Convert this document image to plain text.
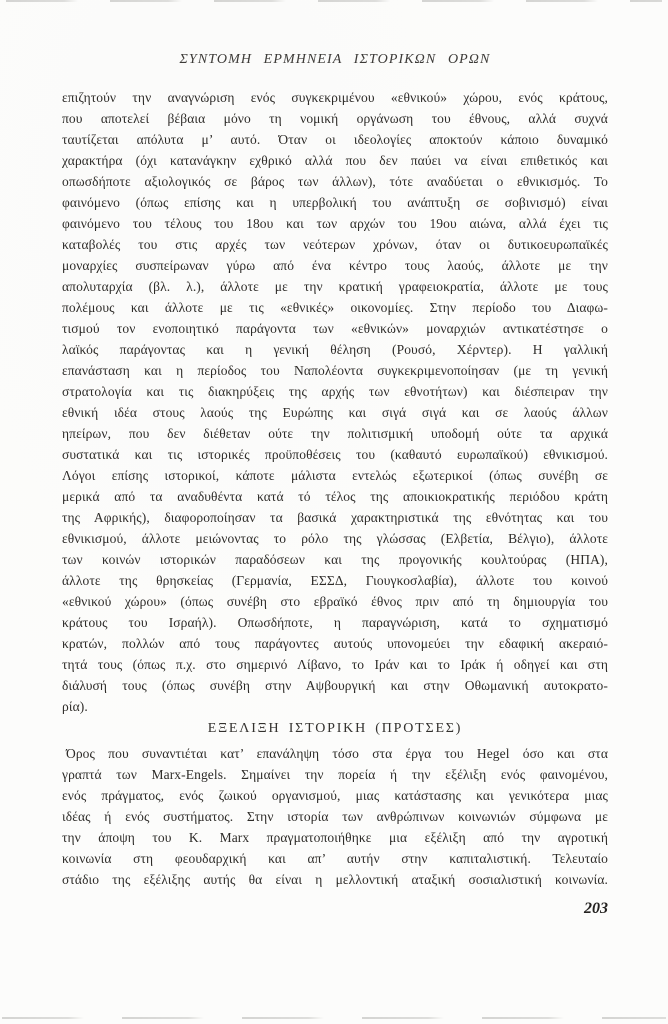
ΣΥΝΤΟΜΗ ΕΡΜΗΝΕΙΑ ΙΣΤΟΡΙΚΩΝ ΟΡΩΝ
επιζητούν την αναγνώριση ενός συγκεκριμένου «εθνικού» χώρου, ενός κράτους,
που αποτελεί βέβαια μόνο τη νομική οργάνωση του έθνους, αλλά συχνά
ταυτίζεται απόλυτα μ’ αυτό. Όταν οι ιδεολογίες αποκτούν κάποιο δυναμικό
χαρακτήρα (όχι κατανάγκην εχθρικό αλλά που δεν παύει να είναι επιθετικός και
οπωσδήποτε αξιολογικός σε βάρος των άλλων), τότε αναδύεται ο εθνικισμός. Το
φαινόμενο (όπως επίσης και η υπερβολική του ανάπτυξη σε σοβινισμό) είναι
φαινόμενο του τέλους του 18ου και των αρχών του 19ου αιώνα, αλλά έχει τις
καταβολές του στις αρχές των νεότερων χρόνων, όταν οι δυτικοευρωπαϊκές
μοναρχίες συσπείρωναν γύρω από ένα κέντρο τους λαούς, άλλοτε με την
απολυταρχία (βλ. λ.), άλλοτε με την κρατική γραφειοκρατία, άλλοτε με τους
πολέμους και άλλοτε με τις «εθνικές» οικονομίες. Στην περίοδο του Διαφω-
τισμού τον ενοποιητικό παράγοντα των «εθνικών» μοναρχιών αντικατέστησε ο
λαϊκός παράγοντας και η γενική θέληση (Ρουσό, Χέρντερ). Η γαλλική
επανάσταση και η περίοδος του Ναπολέοντα συγκεκριμενοποίησαν (με τη γενική
στρατολογία και τις διακηρύξεις της αρχής των εθνοτήτων) και διέσπειραν την
εθνική ιδέα στους λαούς της Ευρώπης και σιγά σιγά και σε λαούς άλλων
ηπείρων, που δεν διέθεταν ούτε την πολιτισμική υποδομή ούτε τα αρχικά
συστατικά και τις ιστορικές προϋποθέσεις του (καθαυτό ευρωπαϊκού) εθνικισμού.
Λόγοι επίσης ιστορικοί, κάποτε μάλιστα εντελώς εξωτερικοί (όπως συνέβη σε
μερικά από τα αναδυθέντα κατά τό τέλος της αποικιοκρατικής περιόδου κράτη
της Αφρικής), διαφοροποίησαν τα βασικά χαρακτηριστικά της εθνότητας και του
εθνικισμού, άλλοτε μειώνοντας το ρόλο της γλώσσας (Ελβετία, Βέλγιο), άλλοτε
των κοινών ιστορικών παραδόσεων και της προγονικής κουλτούρας (ΗΠΑ),
άλλοτε της θρησκείας (Γερμανία, ΕΣΣΔ, Γιουγκοσλαβία), άλλοτε του κοινού
«εθνικού χώρου» (όπως συνέβη στο εβραϊκό έθνος πριν από τη δημιουργία του
κράτους του Ισραήλ). Οπωσδήποτε, η παραγνώριση, κατά το σχηματισμό
κρατών, πολλών από τους παράγοντες αυτούς υπονομεύει την εδαφική ακεραιό-
τητά τους (όπως π.χ. στο σημερινό Λίβανο, το Ιράν και το Ιράκ ή οδηγεί και στη
διάλυσή τους (όπως συνέβη στην Αψβουργική και στην Οθωμανική αυτοκρατο-
ρία).
ΕΞΕΛΙΞΗ ΙΣΤΟΡΙΚΗ (ΠΡΟΤΣΕΣ)
Όρος που συναντιέται κατ’ επανάληψη τόσο στα έργα του Hegel όσο και στα
γραπτά των Marx-Engels. Σημαίνει την πορεία ή την εξέλιξη ενός φαινομένου,
ενός πράγματος, ενός ζωικού οργανισμού, μιας κατάστασης και γενικότερα μιας
ιδέας ή ενός συστήματος. Στην ιστορία των ανθρώπινων κοινωνιών σύμφωνα με
την άποψη του Κ. Marx πραγματοποιήθηκε μια εξέλιξη από την αγροτική
κοινωνία στη φεουδαρχική και απ’ αυτήν στην καπιταλιστική. Τελευταίο
στάδιο της εξέλιξης αυτής θα είναι η μελλοντική αταξική σοσιαλιστική κοινωνία.
203
